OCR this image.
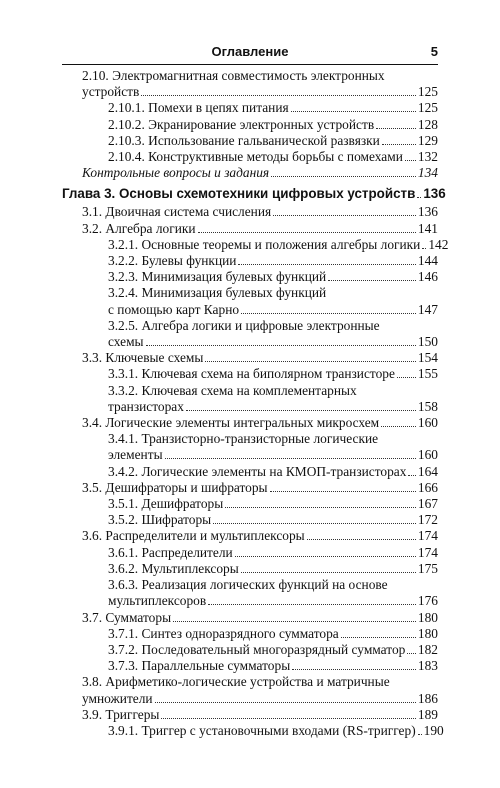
Оглавление	5
2.10. Электромагнитная совместимость электронных
устройств	125
2.10.1. Помехи в цепях питания	125
2.10.2. Экранирование электронных устройств	128
2.10.3. Использование гальванической развязки	129
2.10.4. Конструктивные методы борьбы с помехами 132
Контрольные вопросы и задания	134
Глава 3. Основы схемотехники цифровых устройств 136
3.1. Двоичная система счисления	136
3.2. Алгебра логики	141
3.2.1. Основные теоремы и положения алгебры логики 142
3.2.2. Булевы функции	144
3.2.3. Минимизация булевых функций	146
3.2.4. Минимизация булевых функций
с помощью карт Карно	147
3.2.5. Алгебра логики и цифровые электронные
схемы	150
3.3. Ключевые схемы	154
3.3.1. Ключевая схема на биполярном транзисторе 155
3.3.2. Ключевая схема на комплементарных
транзисторах	158
3.4. Логические элементы интегральных микросхем	160
3.4.1. Транзисторно-транзисторные логические
элементы	160
3.4.2. Логические элементы на КМОП-транзисторах 164
3.5. Дешифраторы и шифраторы	166
3.5.1. Дешифраторы	167
3.5.2. Шифраторы	172
3.6. Распределители и мультиплексоры	174
3.6.1. Распределители	174
3.6.2. Мультиплексоры	175
3.6.3. Реализация логических функций на основе
мультиплексоров	176
3.7. Сумматоры	180
3.7.1. Синтез одноразрядного сумматора	180
3.7.2. Последовательный многоразрядный сумматор 182
3.7.3. Параллельные сумматоры	183
3.8. Арифметико-логические устройства и матричные
умножители	186
3.9. Триггеры	189
3.9.1. Триггер с установочными входами (RS-триггер) 190
